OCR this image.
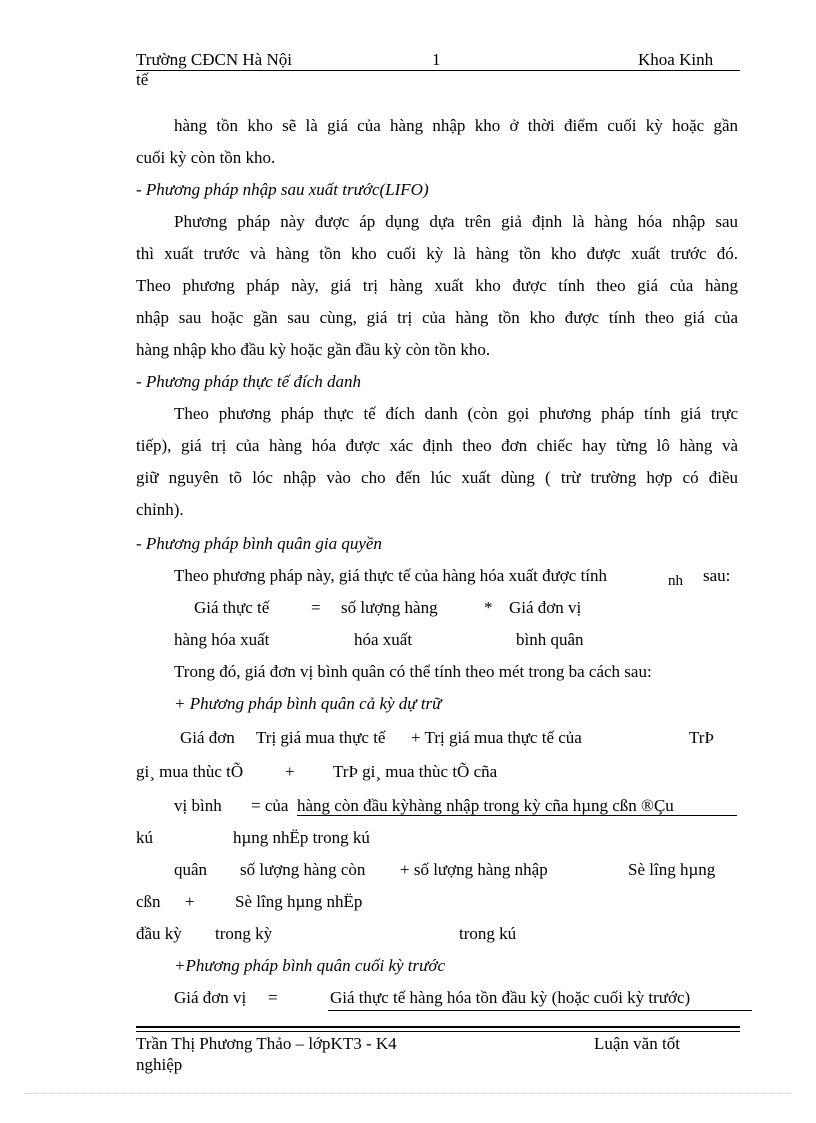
Trường CĐCN Hà Nội	1	Khoa Kinh
tế
hàng tồn kho sẽ là giá của hàng nhập kho ở thời điểm cuối kỳ hoặc gần
cuối kỳ còn tồn kho.
- Phương pháp nhập sau xuất trước(LIFO)
Phương pháp này được áp dụng dựa trên giả định là hàng hóa nhập sau
thì xuất trước và hàng tồn kho cuối kỳ là hàng tồn kho được xuất trước đó.
Theo phương pháp này, giá trị hàng xuất kho được tính theo giá của hàng
nhập sau hoặc gần sau cùng, giá trị của hàng tồn kho được tính theo giá của
hàng nhập kho đầu kỳ hoặc gần đầu kỳ còn tồn kho.
- Phương pháp thực tế đích danh
Theo phương pháp thực tế đích danh (còn gọi phương pháp tính giá trực
tiếp), giá trị của hàng hóa được xác định theo đơn chiếc hay từng lô hàng và
giữ nguyên tõ lóc nhập vào cho đến lúc xuất dùng ( trừ trường hợp có điều
chỉnh).
- Phương pháp bình quân gia quyền
Theo phương pháp này, giá thực tế của hàng hóa xuất được tính	nh sau:
Giá thực tế = số lượng hàng	* Giá đơn vị
hàng hóa xuất	hóa xuất	bình quân
Trong đó, giá đơn vị bình quân có thể tính theo mét trong ba cách sau:
+ Phương pháp bình quân cả kỳ dự trữ
Giá đơn Trị giá mua thực tế + Trị giá mua thực tế của	TrÞ
gi¸ mua thùc tÕ + TrÞ gi¸ mua thùc tÕ cña
vị bình = của hàng còn đầu kỳhàng nhập trong kỳ cña hµng cßn ®Çu
kú	hµng nhËp trong kú
quân số lượng hàng còn + số lượng hàng nhập	Sè lîng hµng
cßn + Sè lîng hµng nhËp
đầu kỳ trong kỳ	trong kú
+Phương pháp bình quân cuối kỳ trước
Giá đơn vị =	Giá thực tế hàng hóa tồn đầu kỳ (hoặc cuối kỳ trước)
Trần Thị Phương Thảo – lớpKT3 - K4	Luận văn tốt
nghiệp
